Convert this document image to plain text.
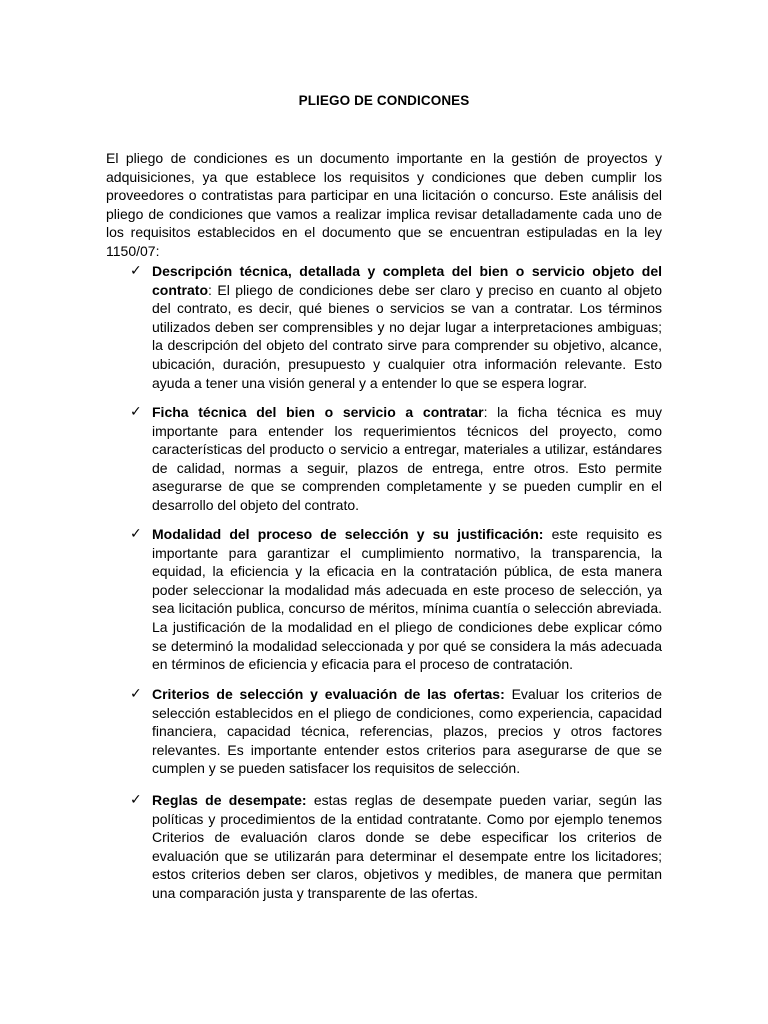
PLIEGO DE CONDICONES

El pliego de condiciones es un documento importante en la gestión de proyectos y adquisiciones, ya que establece los requisitos y condiciones que deben cumplir los proveedores o contratistas para participar en una licitación o concurso. Este análisis del pliego de condiciones que vamos a realizar implica revisar detalladamente cada uno de los requisitos establecidos en el documento que se encuentran estipuladas en la ley 1150/07:

✓ Descripción técnica, detallada y completa del bien o servicio objeto del contrato: El pliego de condiciones debe ser claro y preciso en cuanto al objeto del contrato, es decir, qué bienes o servicios se van a contratar. Los términos utilizados deben ser comprensibles y no dejar lugar a interpretaciones ambiguas; la descripción del objeto del contrato sirve para comprender su objetivo, alcance, ubicación, duración, presupuesto y cualquier otra información relevante. Esto ayuda a tener una visión general y a entender lo que se espera lograr.

✓ Ficha técnica del bien o servicio a contratar: la ficha técnica es muy importante para entender los requerimientos técnicos del proyecto, como características del producto o servicio a entregar, materiales a utilizar, estándares de calidad, normas a seguir, plazos de entrega, entre otros. Esto permite asegurarse de que se comprenden completamente y se pueden cumplir en el desarrollo del objeto del contrato.

✓ Modalidad del proceso de selección y su justificación: este requisito es importante para garantizar el cumplimiento normativo, la transparencia, la equidad, la eficiencia y la eficacia en la contratación pública, de esta manera poder seleccionar la modalidad más adecuada en este proceso de selección, ya sea licitación publica, concurso de méritos, mínima cuantía o selección abreviada. La justificación de la modalidad en el pliego de condiciones debe explicar cómo se determinó la modalidad seleccionada y por qué se considera la más adecuada en términos de eficiencia y eficacia para el proceso de contratación.

✓ Criterios de selección y evaluación de las ofertas: Evaluar los criterios de selección establecidos en el pliego de condiciones, como experiencia, capacidad financiera, capacidad técnica, referencias, plazos, precios y otros factores relevantes. Es importante entender estos criterios para asegurarse de que se cumplen y se pueden satisfacer los requisitos de selección.

✓ Reglas de desempate: estas reglas de desempate pueden variar, según las políticas y procedimientos de la entidad contratante. Como por ejemplo tenemos Criterios de evaluación claros donde se debe especificar los criterios de evaluación que se utilizarán para determinar el desempate entre los licitadores; estos criterios deben ser claros, objetivos y medibles, de manera que permitan una comparación justa y transparente de las ofertas.
